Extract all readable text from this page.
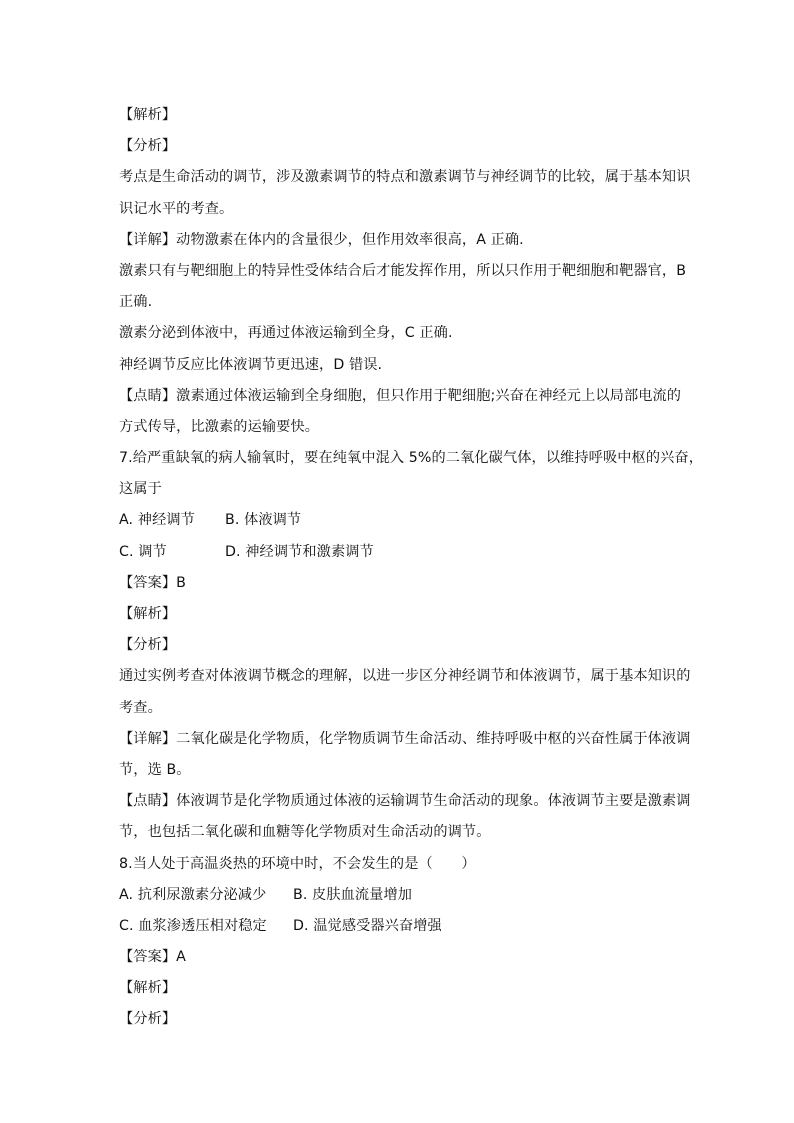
【解析】
【分析】
考点是生命活动的调节，涉及激素调节的特点和激素调节与神经调节的比较，属于基本知识
识记水平的考查。
【详解】动物激素在体内的含量很少，但作用效率很高，A 正确.
激素只有与靶细胞上的特异性受体结合后才能发挥作用，所以只作用于靶细胞和靶器官，B
正确.
激素分泌到体液中，再通过体液运输到全身，C 正确.
神经调节反应比体液调节更迅速，D 错误.
【点睛】激素通过体液运输到全身细胞，但只作用于靶细胞;兴奋在神经元上以局部电流的
方式传导，比激素的运输要快。
7.给严重缺氧的病人输氧时，要在纯氧中混入 5%的二氧化碳气体，以维持呼吸中枢的兴奋，
这属于
A. 神经调节	B. 体液调节
C. 调节	D. 神经调节和激素调节
【答案】B
【解析】
【分析】
通过实例考查对体液调节概念的理解，以进一步区分神经调节和体液调节，属于基本知识的
考查。
【详解】二氧化碳是化学物质，化学物质调节生命活动、维持呼吸中枢的兴奋性属于体液调
节，选 B。
【点睛】体液调节是化学物质通过体液的运输调节生命活动的现象。体液调节主要是激素调
节，也包括二氧化碳和血糖等化学物质对生命活动的调节。
8.当人处于高温炎热的环境中时，不会发生的是（　　）
A. 抗利尿激素分泌减少	B. 皮肤血流量增加
C. 血浆渗透压相对稳定	D. 温觉感受器兴奋增强
【答案】A
【解析】
【分析】
